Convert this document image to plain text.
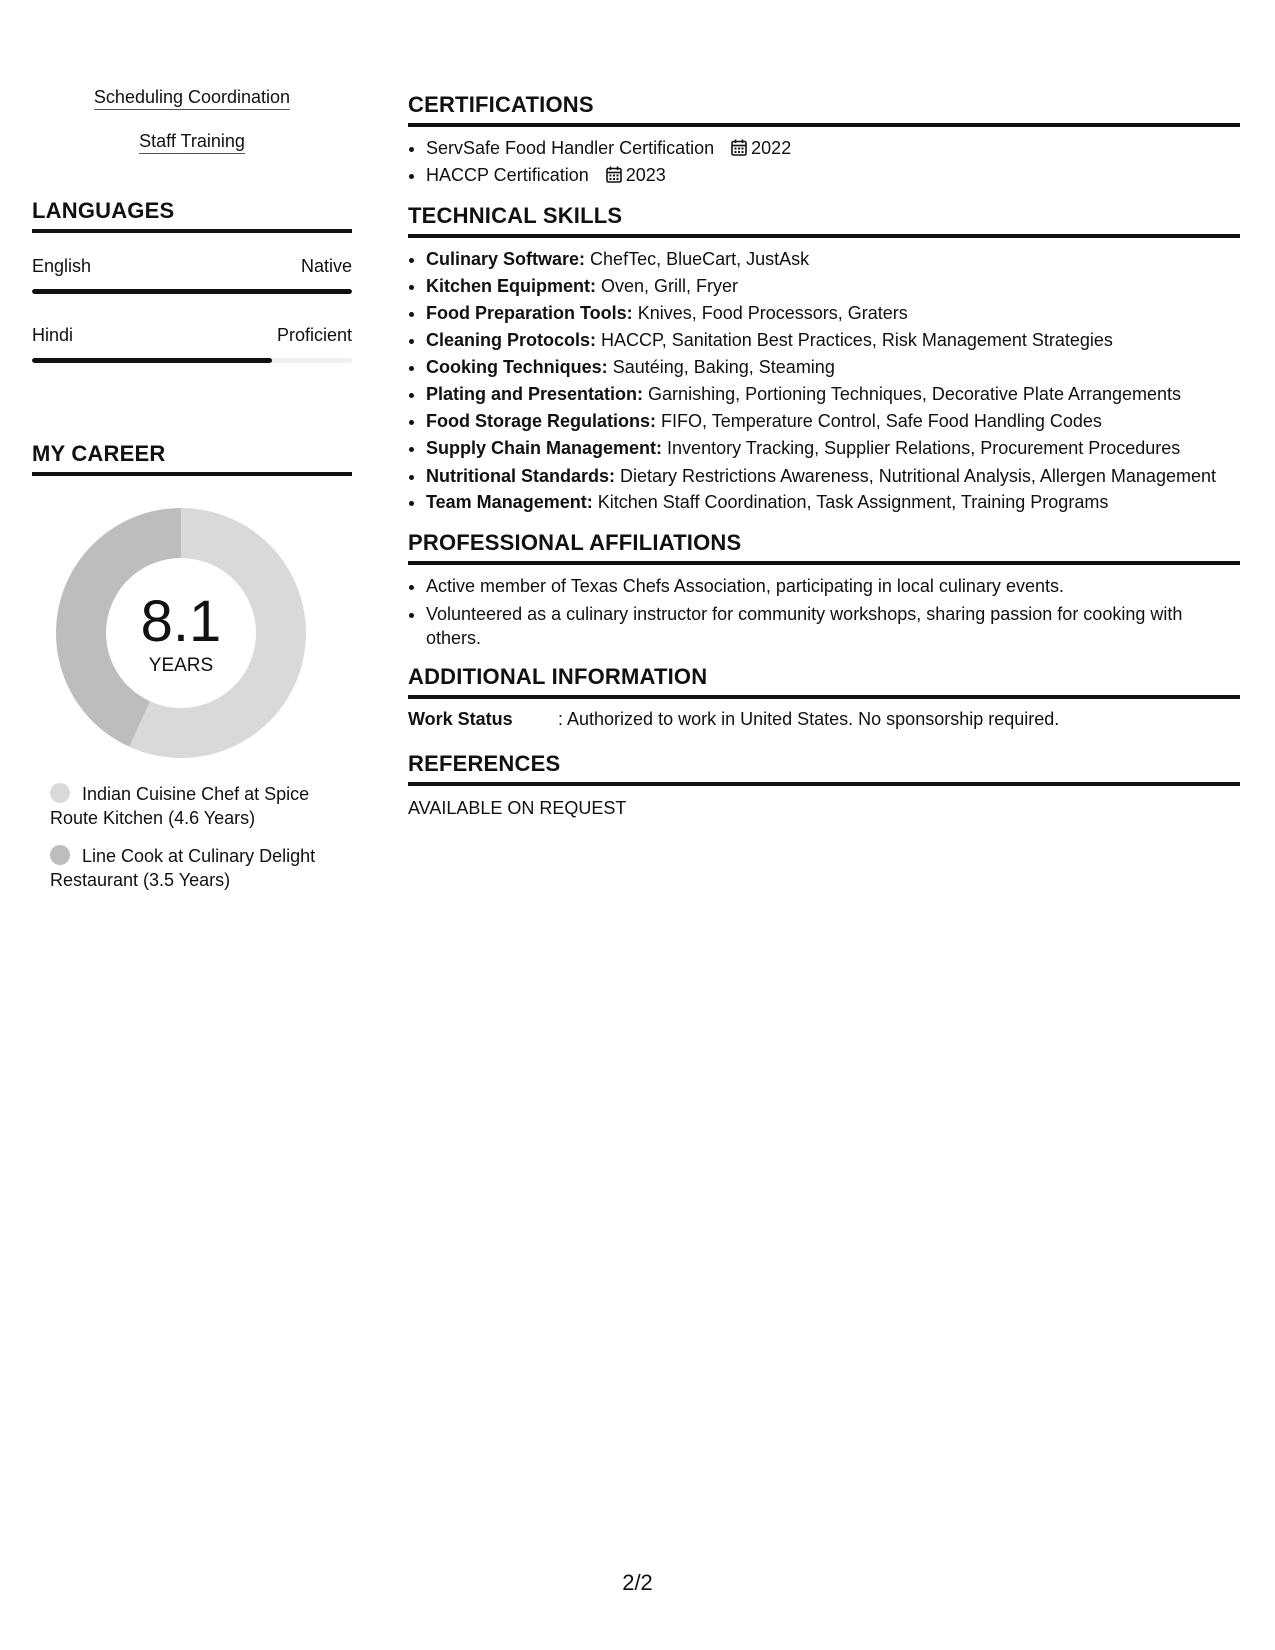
Scheduling Coordination
Staff Training
LANGUAGES
English	Native
Hindi	Proficient
MY CAREER
8.1
YEARS
Indian Cuisine Chef at Spice Route Kitchen (4.6 Years)
Line Cook at Culinary Delight Restaurant (3.5 Years)
CERTIFICATIONS
• ServSafe Food Handler Certification 2022
• HACCP Certification 2023
TECHNICAL SKILLS
• Culinary Software: ChefTec, BlueCart, JustAsk
• Kitchen Equipment: Oven, Grill, Fryer
• Food Preparation Tools: Knives, Food Processors, Graters
• Cleaning Protocols: HACCP, Sanitation Best Practices, Risk Management Strategies
• Cooking Techniques: Sautéing, Baking, Steaming
• Plating and Presentation: Garnishing, Portioning Techniques, Decorative Plate Arrangements
• Food Storage Regulations: FIFO, Temperature Control, Safe Food Handling Codes
• Supply Chain Management: Inventory Tracking, Supplier Relations, Procurement Procedures
• Nutritional Standards: Dietary Restrictions Awareness, Nutritional Analysis, Allergen Management
• Team Management: Kitchen Staff Coordination, Task Assignment, Training Programs
PROFESSIONAL AFFILIATIONS
• Active member of Texas Chefs Association, participating in local culinary events.
• Volunteered as a culinary instructor for community workshops, sharing passion for cooking with others.
ADDITIONAL INFORMATION
Work Status	: Authorized to work in United States. No sponsorship required.
REFERENCES
AVAILABLE ON REQUEST
2/2
